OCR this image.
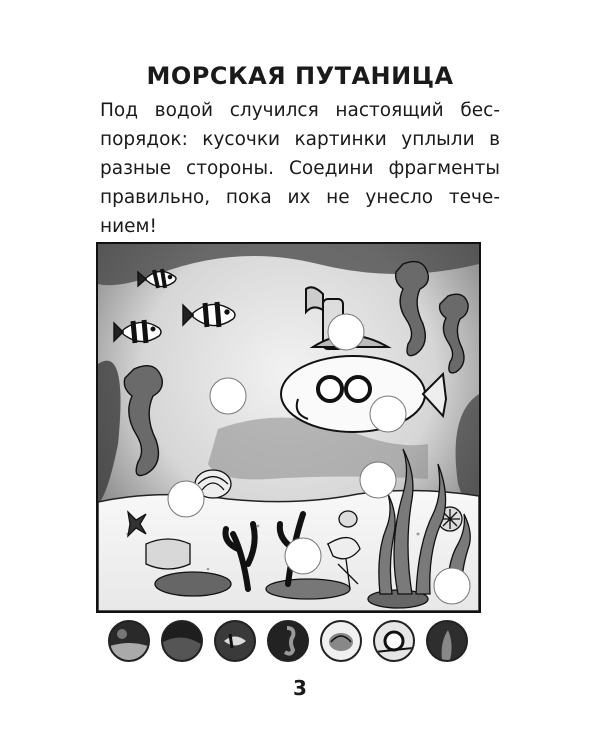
МОРСКАЯ ПУТАНИЦА
Под водой случился настоящий бес-
порядок: кусочки картинки уплыли в
разные стороны. Соедини фрагменты
правильно, пока их не унесло тече-
нием!
3
